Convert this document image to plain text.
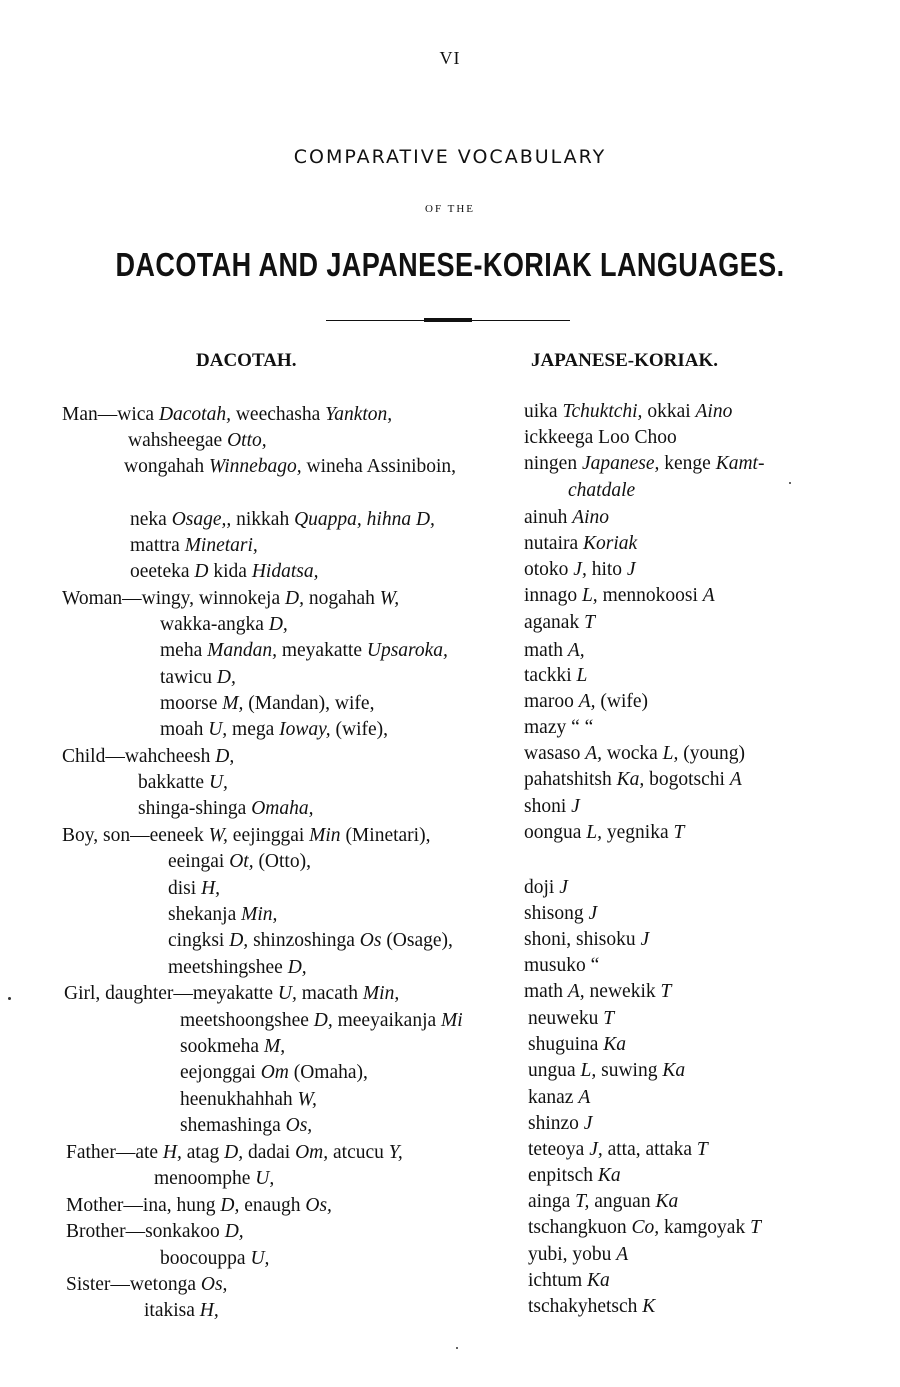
VI
COMPARATIVE VOCABULARY
OF THE
DACOTAH AND JAPANESE-KORIAK LANGUAGES.
DACOTAH.	JAPANESE-KORIAK.
Man—wica Dacotah, weechasha Yankton,
wahsheegae Otto,
wongahah Winnebago, wineha Assiniboin,
neka Osage,, nikkah Quappa, hihna D,
mattra Minetari,
oeeteka D kida Hidatsa,
Woman—wingy, winnokeja D, nogahah W,
wakka-angka D,
meha Mandan, meyakatte Upsaroka,
tawicu D,
moorse M, (Mandan), wife,
moah U, mega Ioway, (wife),
Child—wahcheesh D,
bakkatte U,
shinga-shinga Omaha,
Boy, son—eeneek W, eejinggai Min (Minetari),
eeingai Ot, (Otto),
disi H,
shekanja Min,
cingksi D, shinzoshinga Os (Osage),
meetshingshee D,
Girl, daughter—meyakatte U, macath Min,
meetshoongshee D, meeyaikanja Mi
sookmeha M,
eejonggai Om (Omaha),
heenukhahhah W,
shemashinga Os,
Father—ate H, atag D, dadai Om, atcucu Y,
menoomphe U,
Mother—ina, hung D, enaugh Os,
Brother—sonkakoo D,
boocouppa U,
Sister—wetonga Os,
itakisa H,
uika Tchuktchi, okkai Aino
ickkeega Loo Choo
ningen Japanese, kenge Kamt-
chatdale
ainuh Aino
nutaira Koriak
otoko J, hito J
innago L, mennokoosi A
aganak T
math A,
tackki L
maroo A, (wife)
mazy “ “
wasaso A, wocka L, (young)
pahatshitsh Ka, bogotschi A
shoni J
oongua L, yegnika T
doji J
shisong J
shoni, shisoku J
musuko “
math A, newekik T
neuweku T
shuguina Ka
ungua L, suwing Ka
kanaz A
shinzo J
teteoya J, atta, attaka T
enpitsch Ka
ainga T, anguan Ka
tschangkuon Co, kamgoyak T
yubi, yobu A
ichtum Ka
tschakyhetsch K
